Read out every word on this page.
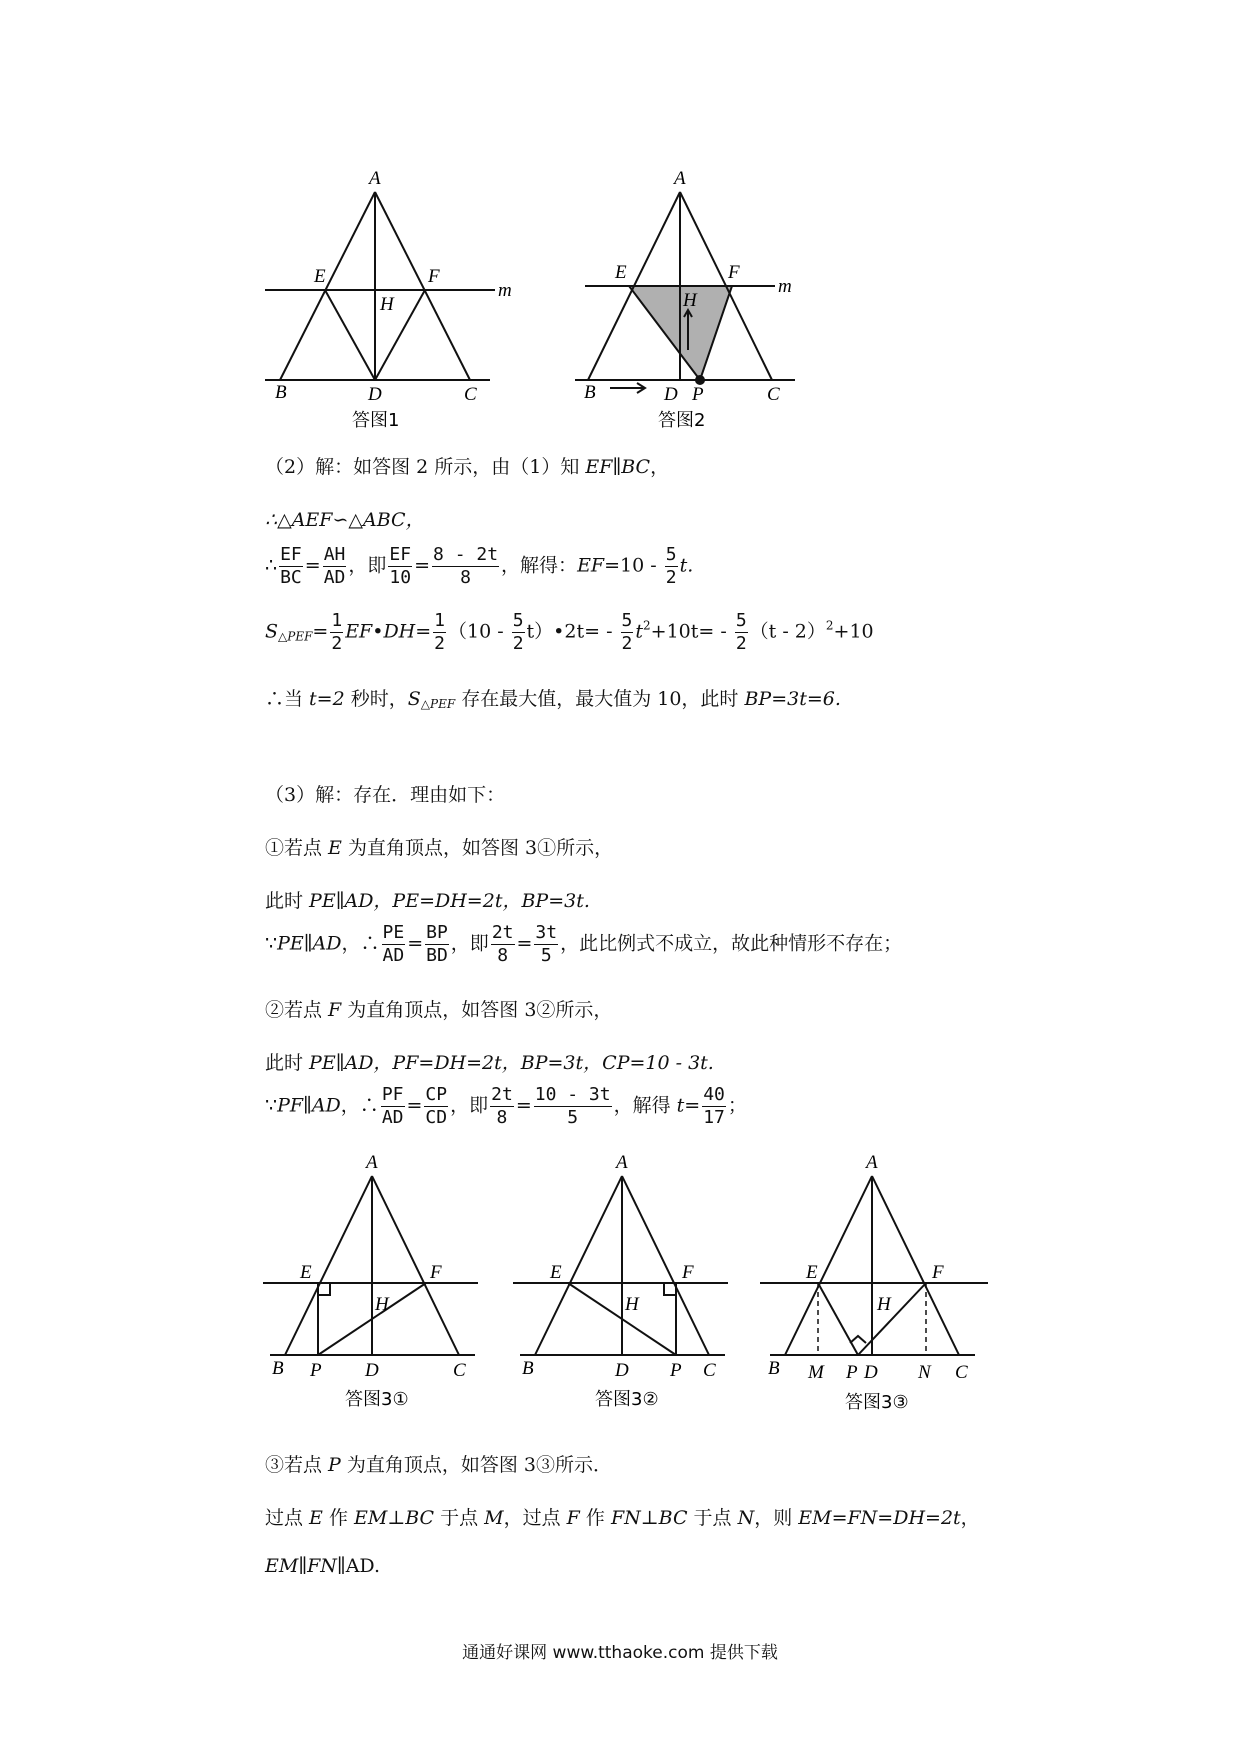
A
E	F
H
m
B	D	C
答图1
A
E	F
H
m
B	D P	C
答图2
（2）解：如答图 2 所示，由（1）知 EF∥BC，
∴△AEF∽△ABC，
∴ $\frac{EF}{BC} = \frac{AH}{AD}$ ，即 $\frac{EF}{10} = \frac{8 - 2t}{8}$ ，解得：$EF=10 - \frac{5}{2} t$.
$S_{\triangle PEF}= \frac{1}{2}$ EF•DH= $\frac{1}{2} (10 - \frac{5}{2}$ t）•2t= - $\frac{5}{2} t^2+10t= - \frac{5}{2} (t - 2)^2+10$
∴当 t=2 秒时，$S_{\triangle PEF}$ 存在最大值，最大值为 10，此时 BP=3t=6.
（3）解：存在．理由如下：
①若点 E 为直角顶点，如答图 3①所示，
此时 PE∥AD，PE=DH=2t，BP=3t.
∵PE∥AD，∴ $\frac{PE}{AD} = \frac{BP}{BD}$ ，即 $\frac{2t}{8} = \frac{3t}{5}$ ，此比例式不成立，故此种情形不存在；
②若点 F 为直角顶点，如答图 3②所示，
此时 PE∥AD，PF=DH=2t，BP=3t，CP=10 - 3t.
∵PF∥AD，∴ $\frac{PF}{AD} = \frac{CP}{CD}$ ，即 $\frac{2t}{8} = \frac{10 - 3t}{5}$ ，解得 $t= \frac{40}{17}$ ；
A
E	F
H
B P D	C
答图3①
A
E	F
H
B	D P C
答图3②
A
E	F
H
B M P D N C
答图3③
③若点 P 为直角顶点，如答图 3③所示．
过点 E 作 EM⊥BC 于点 M，过点 F 作 FN⊥BC 于点 N，则 EM=FN=DH=2t，
EM∥FN∥AD.
通通好课网 www.tthaoke.com 提供下载
